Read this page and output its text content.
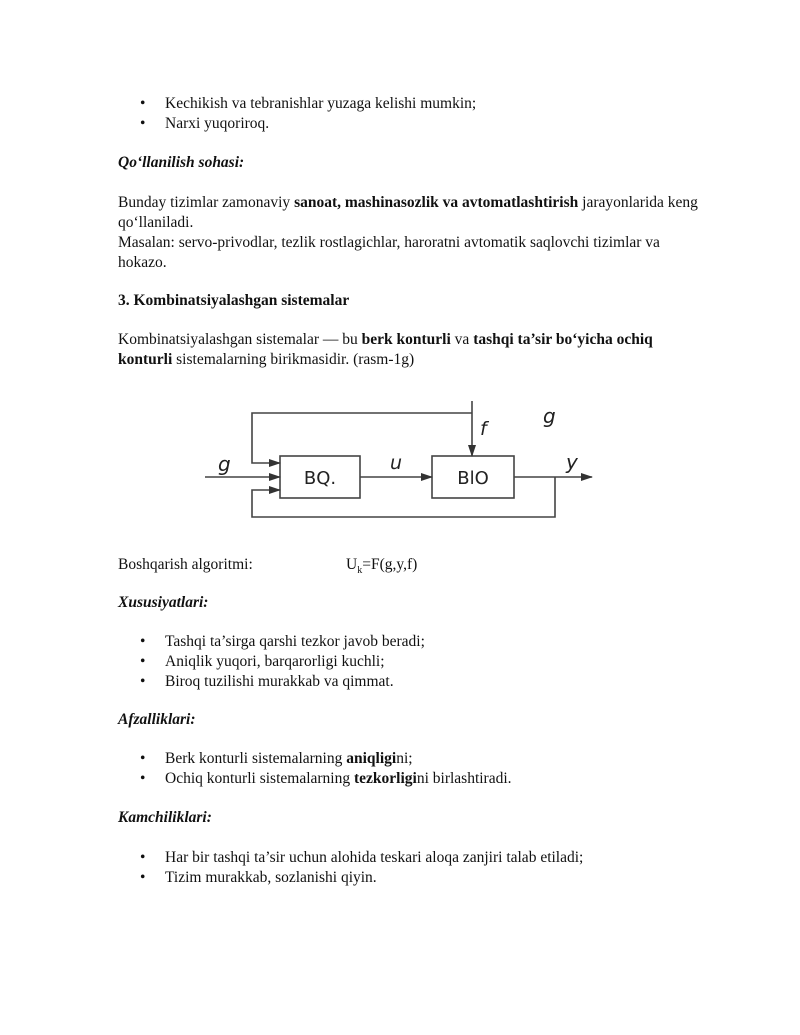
• Kechikish va tebranishlar yuzaga kelishi mumkin;
• Narxi yuqoriroq.
Qo‘llanilish sohasi:
Bunday tizimlar zamonaviy sanoat, mashinasozlik va avtomatlashtirish jarayonlarida keng qo‘llaniladi.
Masalan: servo-privodlar, tezlik rostlagichlar, haroratni avtomatik saqlovchi tizimlar va hokazo.
3. Kombinatsiyalashgan sistemalar
Kombinatsiyalashgan sistemalar — bu berk konturli va tashqi ta’sir bo‘yicha ochiq konturli sistemalarning birikmasidir. (rasm-1g)
BQ.	BlO
g	u
f
g
y
Boshqarish algoritmi:	$U_k=F(g,y,f)$
Xususiyatlari:
• Tashqi ta’sirga qarshi tezkor javob beradi;
• Aniqlik yuqori, barqarorligi kuchli;
• Biroq tuzilishi murakkab va qimmat.
Afzalliklari:
• Berk konturli sistemalarning aniqligini;
• Ochiq konturli sistemalarning tezkorligini birlashtiradi.
Kamchiliklari:
• Har bir tashqi ta’sir uchun alohida teskari aloqa zanjiri talab etiladi;
• Tizim murakkab, sozlanishi qiyin.
